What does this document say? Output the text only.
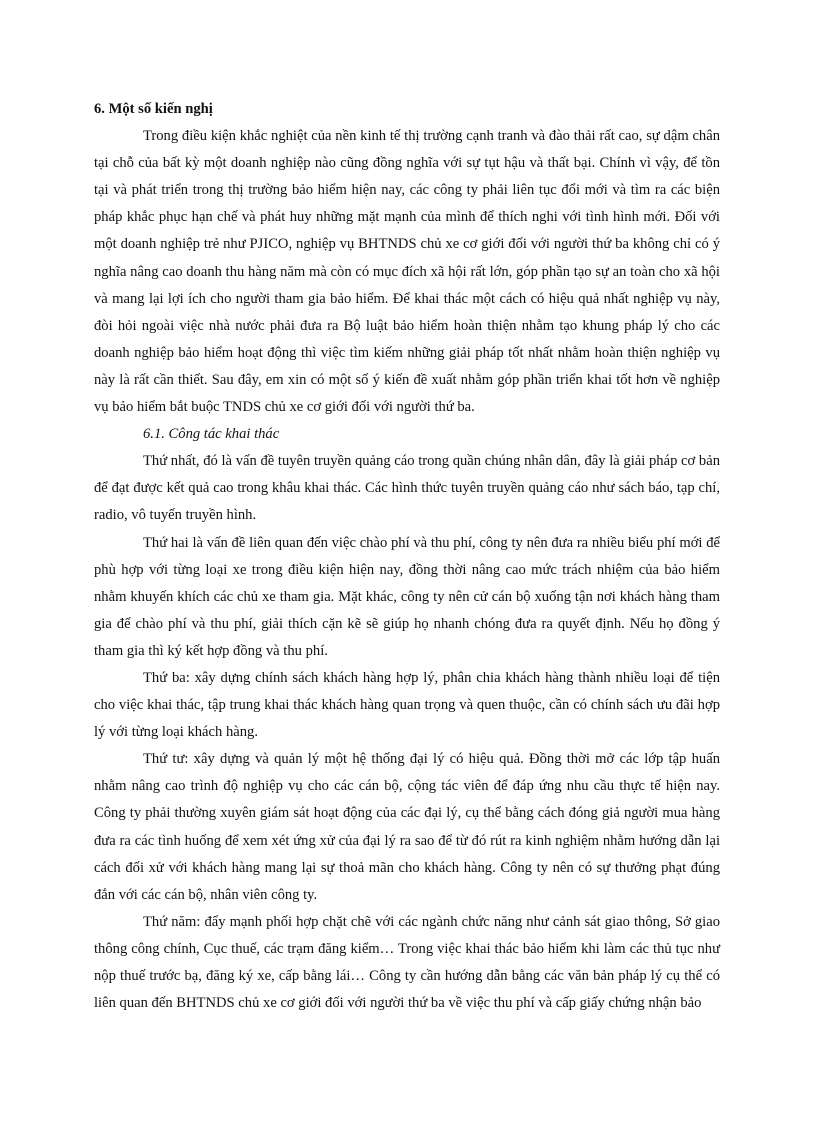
6. Một số kiến nghị

Trong điều kiện khắc nghiệt của nền kinh tế thị trường cạnh tranh và đào thải rất cao, sự dậm chân tại chỗ của bất kỳ một doanh nghiệp nào cũng đồng nghĩa với sự tụt hậu và thất bại. Chính vì vậy, để tồn tại và phát triển trong thị trường bảo hiểm hiện nay, các công ty phải liên tục đổi mới và tìm ra các biện pháp khắc phục hạn chế và phát huy những mặt mạnh của mình để thích nghi với tình hình mới. Đối với một doanh nghiệp trẻ như PJICO, nghiệp vụ BHTNDS chủ xe cơ giới đối với người thứ ba không chỉ có ý nghĩa nâng cao doanh thu hàng năm mà còn có mục đích xã hội rất lớn, góp phần tạo sự an toàn cho xã hội và mang lại lợi ích cho người tham gia bảo hiểm. Để khai thác một cách có hiệu quả nhất nghiệp vụ này, đòi hỏi ngoài việc nhà nước phải đưa ra Bộ luật bảo hiểm hoàn thiện nhằm tạo khung pháp lý cho các doanh nghiệp bảo hiểm hoạt động thì việc tìm kiếm những giải pháp tốt nhất nhằm hoàn thiện nghiệp vụ này là rất cần thiết. Sau đây, em xin có một số ý kiến đề xuất nhằm góp phần triển khai tốt hơn về nghiệp vụ bảo hiểm bắt buộc TNDS chủ xe cơ giới đối với người thứ ba.

6.1. Công tác khai thác

Thứ nhất, đó là vấn đề tuyên truyền quảng cáo trong quần chúng nhân dân, đây là giải pháp cơ bản để đạt được kết quả cao trong khâu khai thác. Các hình thức tuyên truyền quảng cáo như sách báo, tạp chí, radio, vô tuyến truyền hình.

Thứ hai là vấn đề liên quan đến việc chào phí và thu phí, công ty nên đưa ra nhiều biểu phí mới để phù hợp với từng loại xe trong điều kiện hiện nay, đồng thời nâng cao mức trách nhiệm của bảo hiểm nhằm khuyến khích các chủ xe tham gia. Mặt khác, công ty nên cử cán bộ xuống tận nơi khách hàng tham gia để chào phí và thu phí, giải thích cặn kẽ sẽ giúp họ nhanh chóng đưa ra quyết định. Nếu họ đồng ý tham gia thì ký kết hợp đồng và thu phí.

Thứ ba: xây dựng chính sách khách hàng hợp lý, phân chia khách hàng thành nhiều loại để tiện cho việc khai thác, tập trung khai thác khách hàng quan trọng và quen thuộc, cần có chính sách ưu đãi hợp lý với từng loại khách hàng.

Thứ tư: xây dựng và quản lý một hệ thống đại lý có hiệu quả. Đồng thời mở các lớp tập huấn nhằm nâng cao trình độ nghiệp vụ cho các cán bộ, cộng tác viên để đáp ứng nhu cầu thực tế hiện nay. Công ty phải thường xuyên giám sát hoạt động của các đại lý, cụ thể bằng cách đóng giả người mua hàng đưa ra các tình huống để xem xét ứng xử của đại lý ra sao để từ đó rút ra kinh nghiệm nhằm hướng dẫn lại cách đối xử với khách hàng mang lại sự thoả mãn cho khách hàng. Công ty nên có sự thưởng phạt đúng đắn với các cán bộ, nhân viên công ty.

Thứ năm: đẩy mạnh phối hợp chặt chẽ với các ngành chức năng như cảnh sát giao thông, Sở giao thông công chính, Cục thuế, các trạm đăng kiểm… Trong việc khai thác bảo hiểm khi làm các thủ tục như nộp thuế trước bạ, đăng ký xe, cấp bằng lái… Công ty cần hướng dẫn bằng các văn bản pháp lý cụ thể có liên quan đến BHTNDS chủ xe cơ giới đối với người thứ ba về việc thu phí và cấp giấy chứng nhận bảo
